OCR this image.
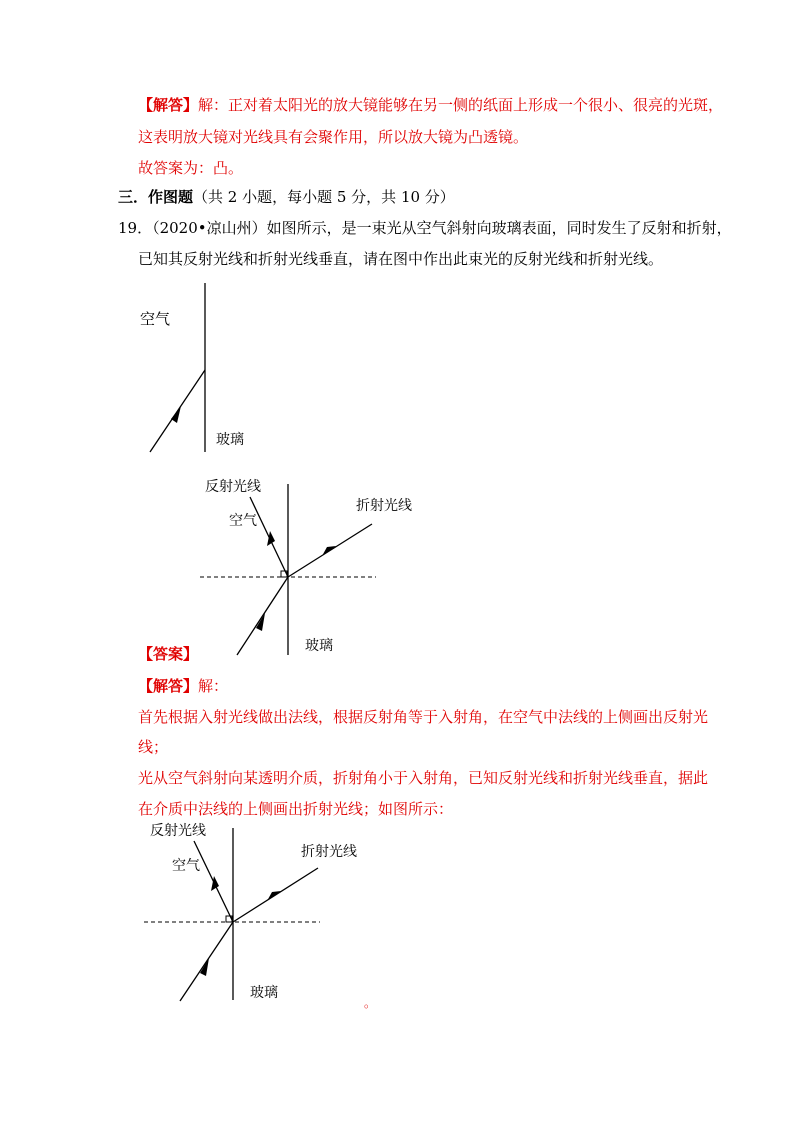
【解答】解：正对着太阳光的放大镜能够在另一侧的纸面上形成一个很小、很亮的光斑，
这表明放大镜对光线具有会聚作用，所以放大镜为凸透镜。
故答案为：凸。
三．作图题（共 2 小题，每小题 5 分，共 10 分）
19．（2020•凉山州）如图所示，是一束光从空气斜射向玻璃表面，同时发生了反射和折射，
已知其反射光线和折射光线垂直，请在图中作出此束光的反射光线和折射光线。
空气
玻璃
反射光线
空气
折射光线
玻璃
反射光线
空气
折射光线
玻璃
【答案】
【解答】解：
首先根据入射光线做出法线，根据反射角等于入射角，在空气中法线的上侧画出反射光
线；
光从空气斜射向某透明介质，折射角小于入射角，已知反射光线和折射光线垂直，据此
在介质中法线的上侧画出折射光线；如图所示：
。
